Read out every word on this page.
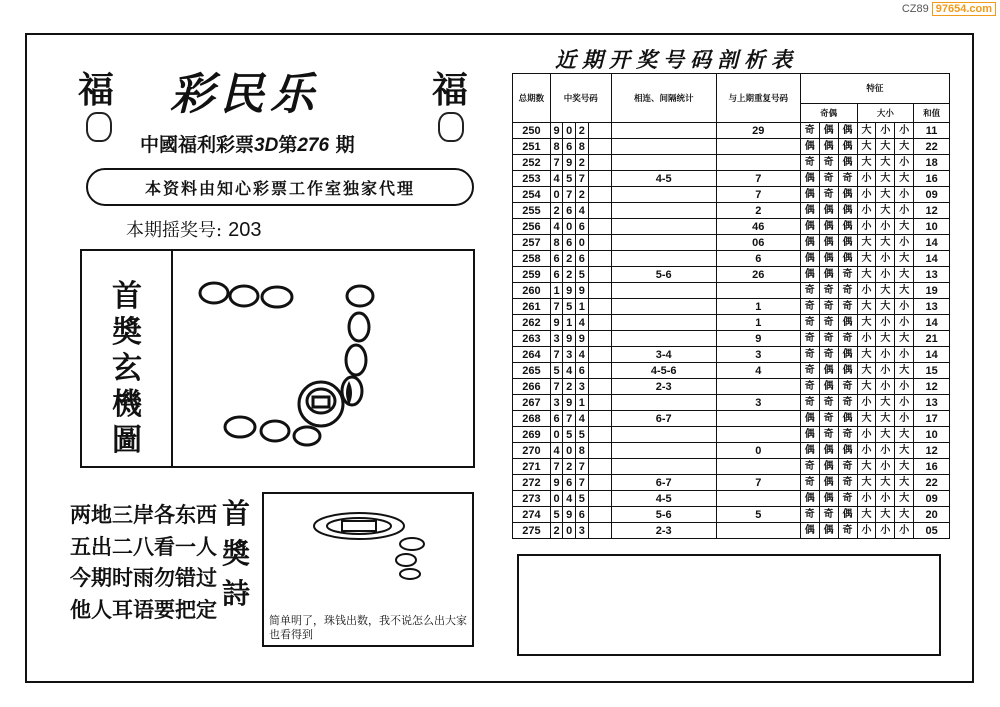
CZ89 97654.com
福	福
彩民乐
中國福利彩票3D第276 期
本资料由知心彩票工作室独家代理
本期摇奖号: 203
首
奬
玄
機
圖
两地三岸各东西
五出二八看一人
今期时雨勿错过
他人耳语要把定
首
奬
詩
简单明了，珠钱出数，我不说怎么出大家也看得到
近期开奖号码剖析表
总期数	中奖号码				相连、间隔统计	与上期重复号码	特征						
							奇偶			大小			和值
250	9	0	2			29	奇	偶	偶	大	小	小	11
251	8	6	8				偶	偶	偶	大	大	大	22
252	7	9	2				奇	奇	偶	大	大	小	18
253	4	5	7		4-5	7	偶	奇	奇	小	大	大	16
254	0	7	2			7	偶	奇	偶	小	大	小	09
255	2	6	4			2	偶	偶	偶	小	大	小	12
256	4	0	6			46	偶	偶	偶	小	小	大	10
257	8	6	0			06	偶	偶	偶	大	大	小	14
258	6	2	6			6	偶	偶	偶	大	小	大	14
259	6	2	5		5-6	26	偶	偶	奇	大	小	大	13
260	1	9	9				奇	奇	奇	小	大	大	19
261	7	5	1			1	奇	奇	奇	大	大	小	13
262	9	1	4			1	奇	奇	偶	大	小	小	14
263	3	9	9			9	奇	奇	奇	小	大	大	21
264	7	3	4		3-4	3	奇	奇	偶	大	小	小	14
265	5	4	6		4-5-6	4	奇	偶	偶	大	小	大	15
266	7	2	3		2-3		奇	偶	奇	大	小	小	12
267	3	9	1			3	奇	奇	奇	小	大	小	13
268	6	7	4		6-7		偶	奇	偶	大	大	小	17
269	0	5	5				偶	奇	奇	小	大	大	10
270	4	0	8			0	偶	偶	偶	小	小	大	12
271	7	2	7				奇	偶	奇	大	小	大	16
272	9	6	7		6-7	7	奇	偶	奇	大	大	大	22
273	0	4	5		4-5		偶	偶	奇	小	小	大	09
274	5	9	6		5-6	5	奇	奇	偶	大	大	大	20
275	2	0	3		2-3		偶	偶	奇	小	小	小	05
